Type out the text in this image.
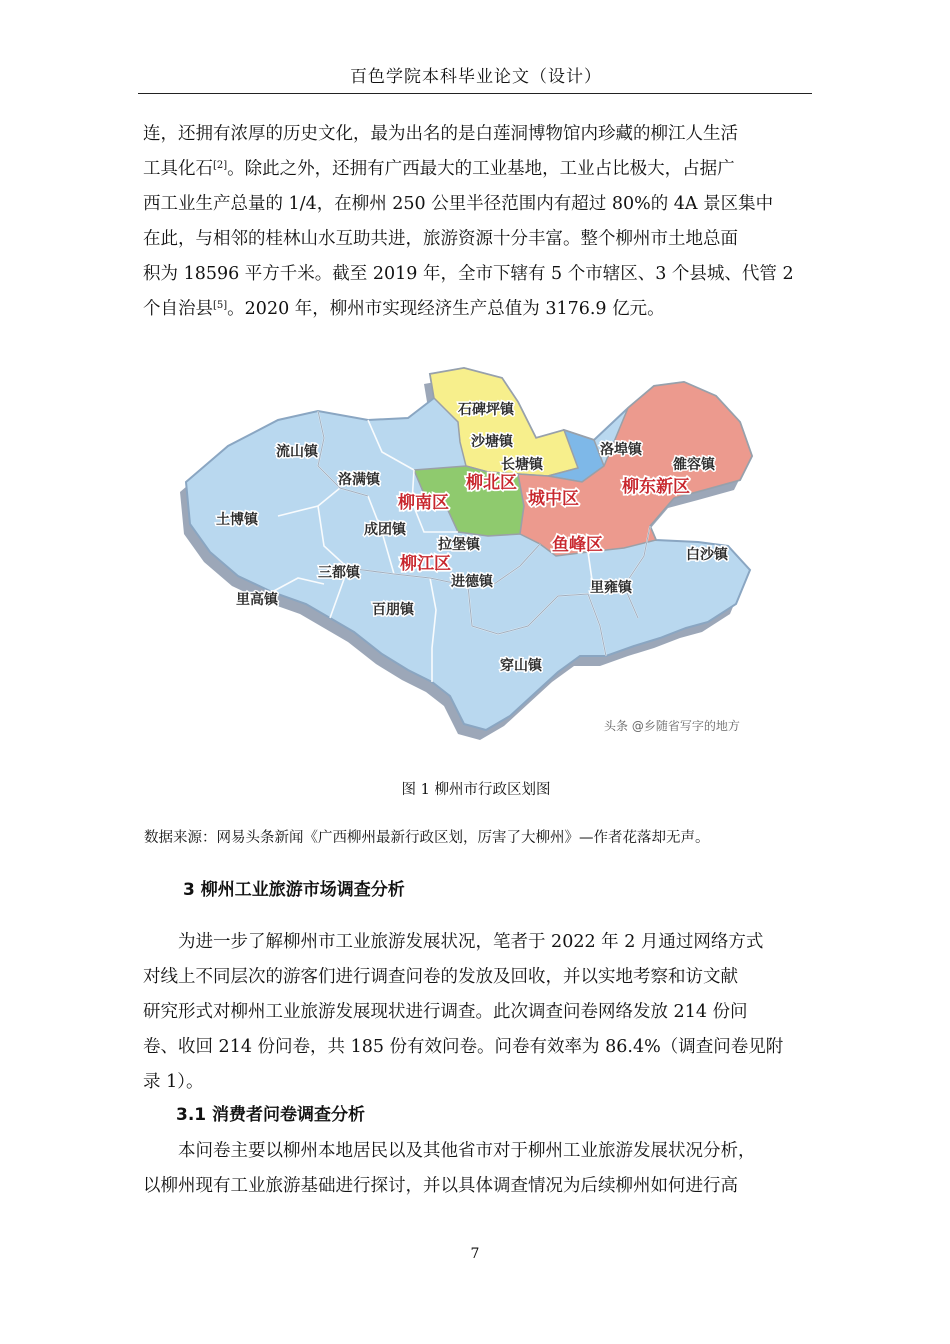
百色学院本科毕业论文（设计）
连，还拥有浓厚的历史文化，最为出名的是白莲洞博物馆内珍藏的柳江人生活
工具化石[2]。除此之外，还拥有广西最大的工业基地，工业占比极大，占据广
西工业生产总量的 1/4，在柳州 250 公里半径范围内有超过 80%的 4A 景区集中
在此，与相邻的桂林山水互助共进，旅游资源十分丰富。整个柳州市土地总面
积为 18596 平方千米。截至 2019 年，全市下辖有 5 个市辖区、3 个县城、代管 2
个自治县[5]。2020 年，柳州市实现经济生产总值为 3176.9 亿元。
石碑坪镇
沙塘镇	洛埠镇
流山镇
雒容镇
长塘镇
洛满镇
土博镇
成团镇
拉堡镇
白沙镇
三都镇
进德镇	里雍镇
里高镇
百朋镇
穿山镇
柳北区
城中区
柳东新区
柳南区
鱼峰区
柳江区
头条 @乡随省写字的地方
图 1 柳州市行政区划图
数据来源：网易头条新闻《广西柳州最新行政区划，厉害了大柳州》—作者花落却无声。
3 柳州工业旅游市场调查分析
为进一步了解柳州市工业旅游发展状况，笔者于 2022 年 2 月通过网络方式
对线上不同层次的游客们进行调查问卷的发放及回收，并以实地考察和访文献
研究形式对柳州工业旅游发展现状进行调查。此次调查问卷网络发放 214 份问
卷、收回 214 份问卷，共 185 份有效问卷。问卷有效率为 86.4%（调查问卷见附
录 1）。
3.1 消费者问卷调查分析
本问卷主要以柳州本地居民以及其他省市对于柳州工业旅游发展状况分析，
以柳州现有工业旅游基础进行探讨，并以具体调查情况为后续柳州如何进行高
7
